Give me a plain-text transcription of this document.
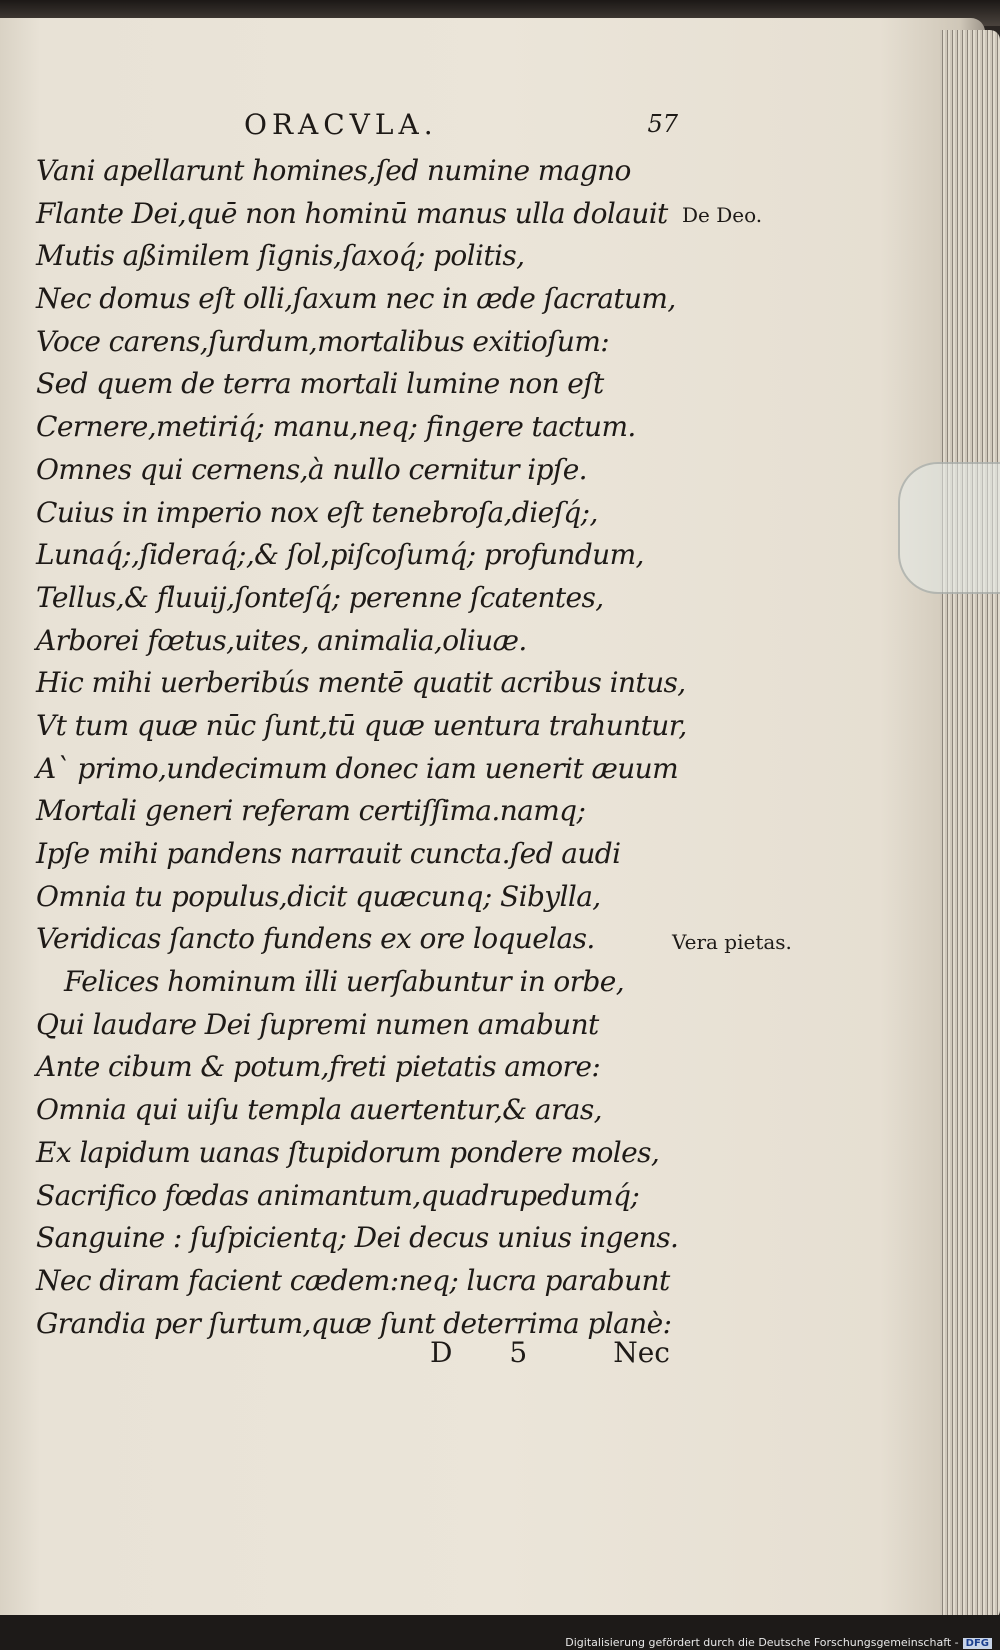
ORACVLA.	57
Vani apellarunt homines,ſed numine magno
Flante Dei,quē non hominū manus ulla dolauit
Mutis aßimilem ſignis,ſaxoq́; politis,
Nec domus eſt olli,ſaxum nec in æde ſacratum,
Voce carens,ſurdum,mortalibus exitioſum:
Sed quem de terra mortali lumine non eſt
Cernere,metiriq́; manu,neq; fingere tactum.
Omnes qui cernens,à nullo cernitur ipſe.
Cuius in imperio nox eſt tenebroſa,dieſq́;,
Lunaq́;,ſideraq́;,& ſol,piſcoſumq́; profundum,
Tellus,& fluuij,ſonteſq́; perenne ſcatentes,
Arborei fœtus,uites, animalia,oliuæ.
Hic mihi uerberibús mentē quatit acribus intus,
Vt tum quæ nūc ſunt,tū quæ uentura trahuntur,
A` primo,undecimum donec iam uenerit æuum
Mortali generi referam certiſſima.namq;
Ipſe mihi pandens narrauit cuncta.ſed audi
Omnia tu populus,dicit quæcunq; Sibylla,
Veridicas ſancto fundens ex ore loquelas.
Felices hominum illi uerſabuntur in orbe,
Qui laudare Dei ſupremi numen amabunt
Ante cibum & potum,freti pietatis amore:
Omnia qui uiſu templa auertentur,& aras,
Ex lapidum uanas ſtupidorum pondere moles,
Sacrifico fœdas animantum,quadrupedumq́;
Sanguine : ſuſpicientq; Dei decus unius ingens.
Nec diram facient cædem:neq; lucra parabunt
Grandia per ſurtum,quæ ſunt deterrima planè:
D 5 Nec
De Deo.
Vera pietas.
Digitalisierung gefördert durch die Deutsche Forschungsgemeinschaft - DFG
